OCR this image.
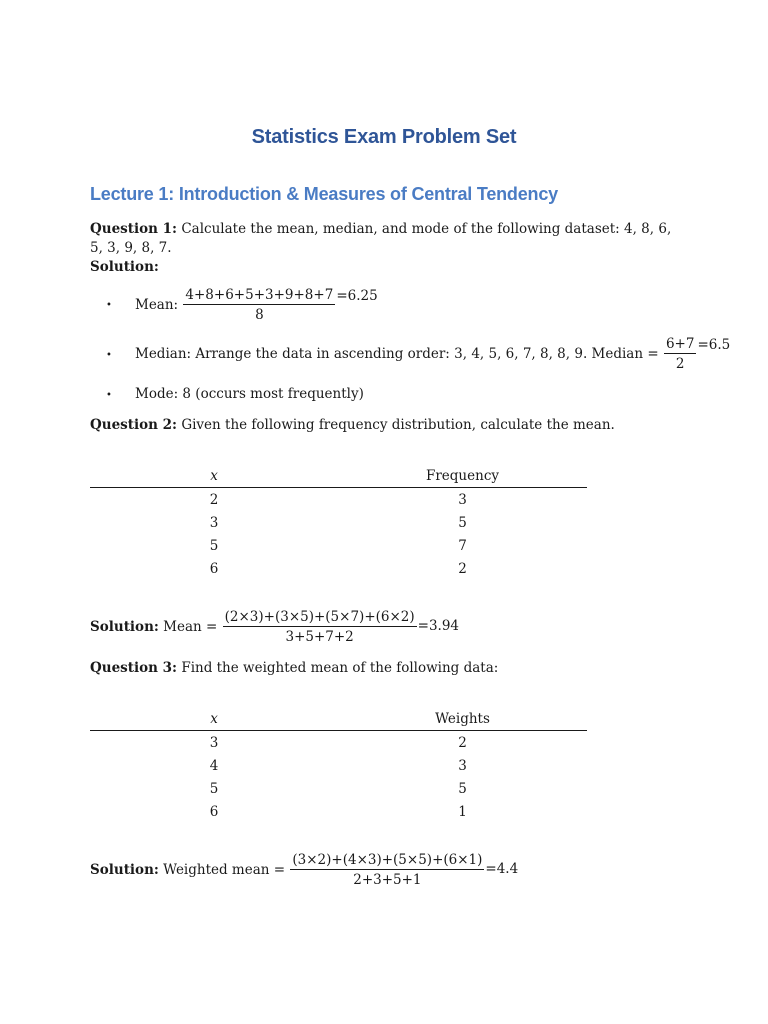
Statistics Exam Problem Set
Lecture 1: Introduction & Measures of Central Tendency
Question 1: Calculate the mean, median, and mode of the following dataset: 4, 8, 6, 5, 3, 9, 8, 7.
Solution:
• Mean: $\frac{4+8+6+5+3+9+8+7}{8} =6.25$
• Median: Arrange the data in ascending order: 3, 4, 5, 6, 7, 8, 8, 9. Median = $\frac{6+7}{2} =6.5$
• Mode: 8 (occurs most frequently)
Question 2: Given the following frequency distribution, calculate the mean.
x	Frequency
2	3
3	5
5	7
6	2
Solution: Mean = $\frac{(2\times 3)+(3\times 5)+(5\times 7)+(6\times 2)}{3+5+7+2} =3.94$
Question 3: Find the weighted mean of the following data:
x	Weights
3	2
4	3
5	5
6	1
Solution: Weighted mean = $\frac{(3\times 2)+(4\times 3)+(5\times 5)+(6\times 1)}{2+3+5+1} =4.4$
